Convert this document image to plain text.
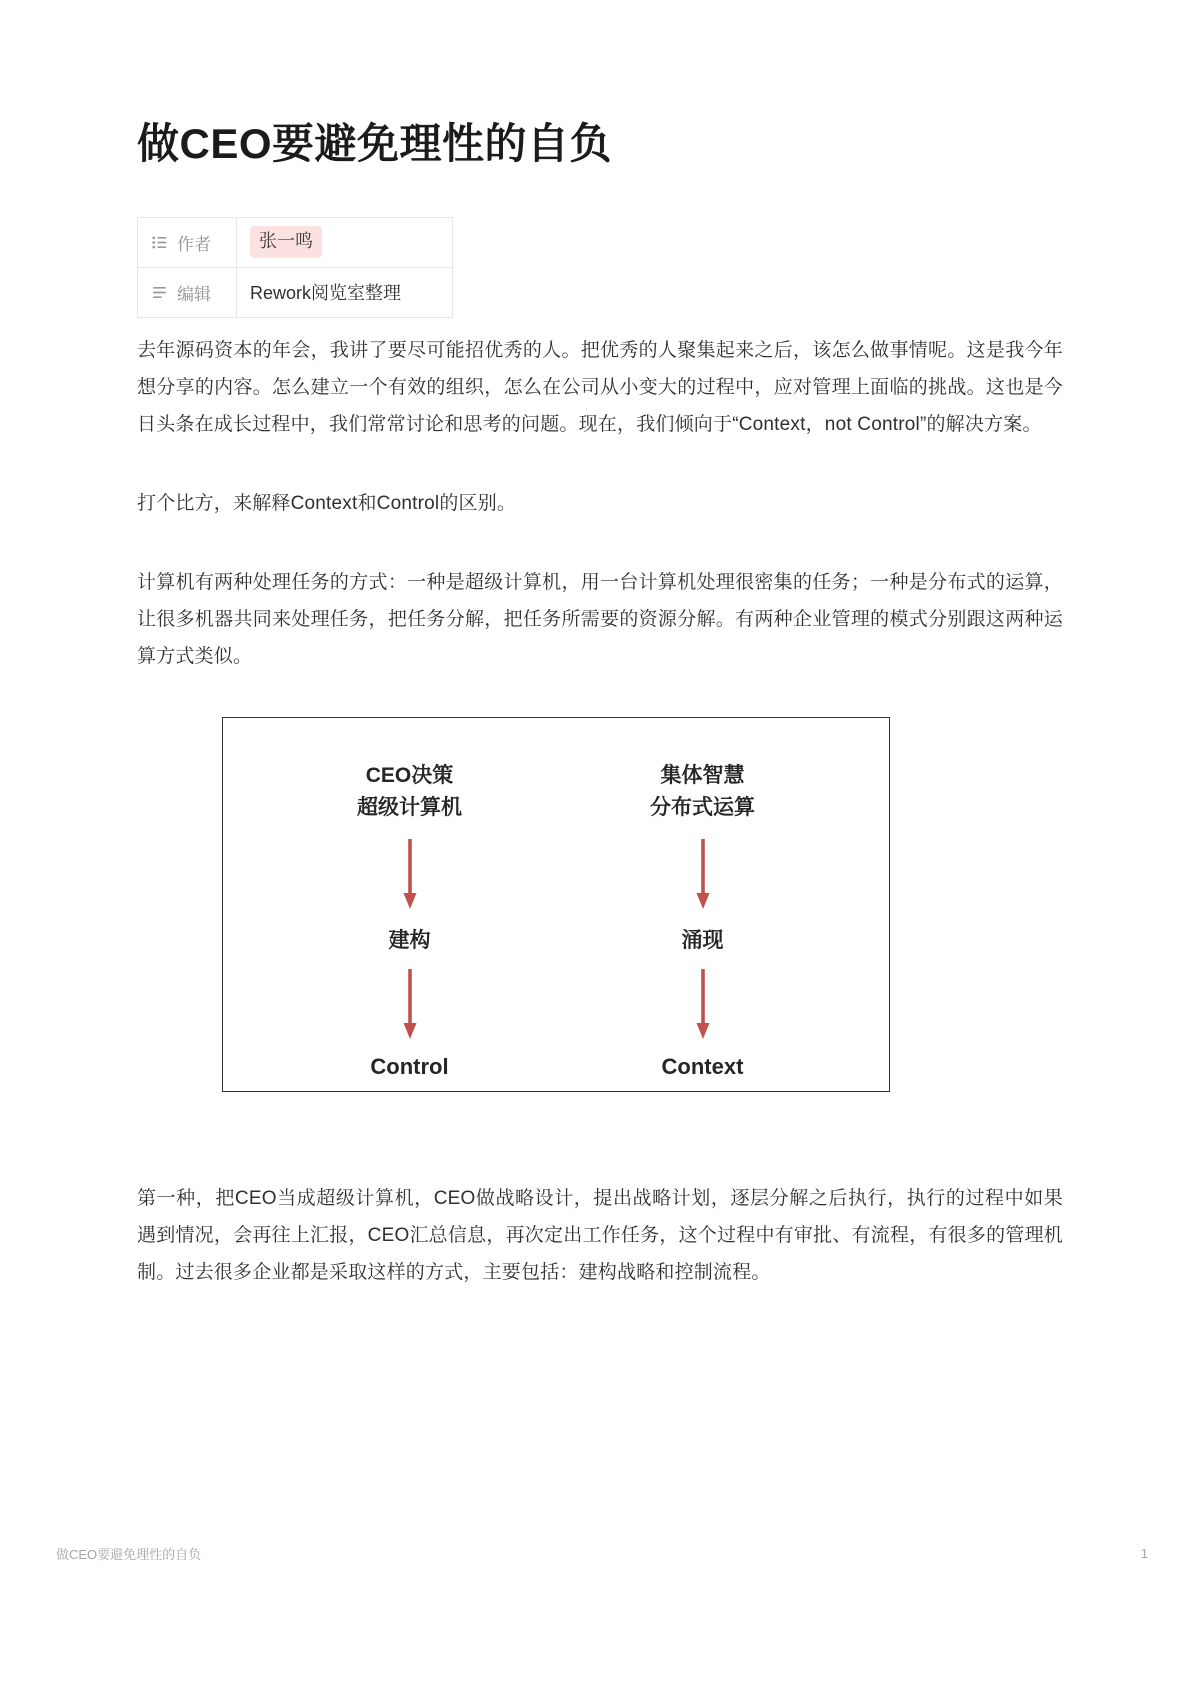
做CEO要避免理性的自负
作者	张一鸣

编辑	Rework阅览室整理

去年源码资本的年会，我讲了要尽可能招优秀的人。把优秀的人聚集起来之后，该怎么做事情呢。这是我今年想分享的内容。怎么建立一个有效的组织，怎么在公司从小变大的过程中，应对管理上面临的挑战。这也是今日头条在成长过程中，我们常常讨论和思考的问题。现在，我们倾向于“Context，not Control”的解决方案。

打个比方，来解释Context和Control的区别。

计算机有两种处理任务的方式：一种是超级计算机，用一台计算机处理很密集的任务；一种是分布式的运算，让很多机器共同来处理任务，把任务分解，把任务所需要的资源分解。有两种企业管理的模式分别跟这两种运算方式类似。

CEO决策
超级计算机
建构
Control
集体智慧
分布式运算
涌现
Context

第一种，把CEO当成超级计算机，CEO做战略设计，提出战略计划，逐层分解之后执行，执行的过程中如果遇到情况，会再往上汇报，CEO汇总信息，再次定出工作任务，这个过程中有审批、有流程，有很多的管理机制。过去很多企业都是采取这样的方式，主要包括：建构战略和控制流程。

做CEO要避免理性的自负	1
